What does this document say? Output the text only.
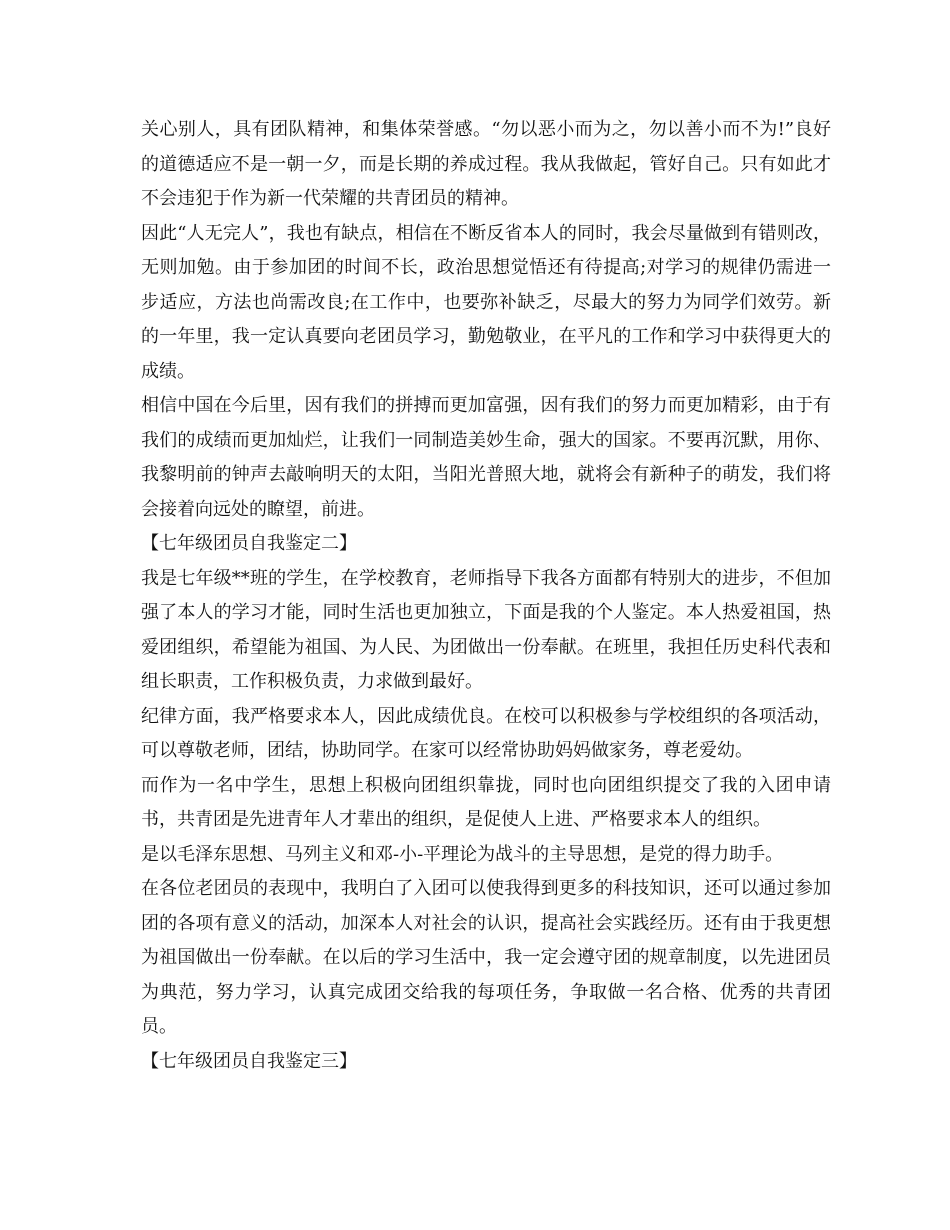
关心别人，具有团队精神，和集体荣誉感。“勿以恶小而为之，勿以善小而不为!”良好的道德适应不是一朝一夕，而是长期的养成过程。我从我做起，管好自己。只有如此才不会违犯于作为新一代荣耀的共青团员的精神。

因此“人无完人”，我也有缺点，相信在不断反省本人的同时，我会尽量做到有错则改，无则加勉。由于参加团的时间不长，政治思想觉悟还有待提高;对学习的规律仍需进一步适应，方法也尚需改良;在工作中，也要弥补缺乏，尽最大的努力为同学们效劳。新的一年里，我一定认真要向老团员学习，勤勉敬业，在平凡的工作和学习中获得更大的成绩。

相信中国在今后里，因有我们的拼搏而更加富强，因有我们的努力而更加精彩，由于有我们的成绩而更加灿烂，让我们一同制造美妙生命，强大的国家。不要再沉默，用你、我黎明前的钟声去敲响明天的太阳，当阳光普照大地，就将会有新种子的萌发，我们将会接着向远处的瞭望，前进。

【七年级团员自我鉴定二】

我是七年级**班的学生，在学校教育，老师指导下我各方面都有特别大的进步，不但加强了本人的学习才能，同时生活也更加独立，下面是我的个人鉴定。本人热爱祖国，热爱团组织，希望能为祖国、为人民、为团做出一份奉献。在班里，我担任历史科代表和组长职责，工作积极负责，力求做到最好。

纪律方面，我严格要求本人，因此成绩优良。在校可以积极参与学校组织的各项活动，可以尊敬老师，团结，协助同学。在家可以经常协助妈妈做家务，尊老爱幼。

而作为一名中学生，思想上积极向团组织靠拢，同时也向团组织提交了我的入团申请书，共青团是先进青年人才辈出的组织，是促使人上进、严格要求本人的组织。

是以毛泽东思想、马列主义和邓-小-平理论为战斗的主导思想，是党的得力助手。

在各位老团员的表现中，我明白了入团可以使我得到更多的科技知识，还可以通过参加团的各项有意义的活动，加深本人对社会的认识，提高社会实践经历。还有由于我更想为祖国做出一份奉献。在以后的学习生活中，我一定会遵守团的规章制度，以先进团员为典范，努力学习，认真完成团交给我的每项任务，争取做一名合格、优秀的共青团员。

【七年级团员自我鉴定三】
